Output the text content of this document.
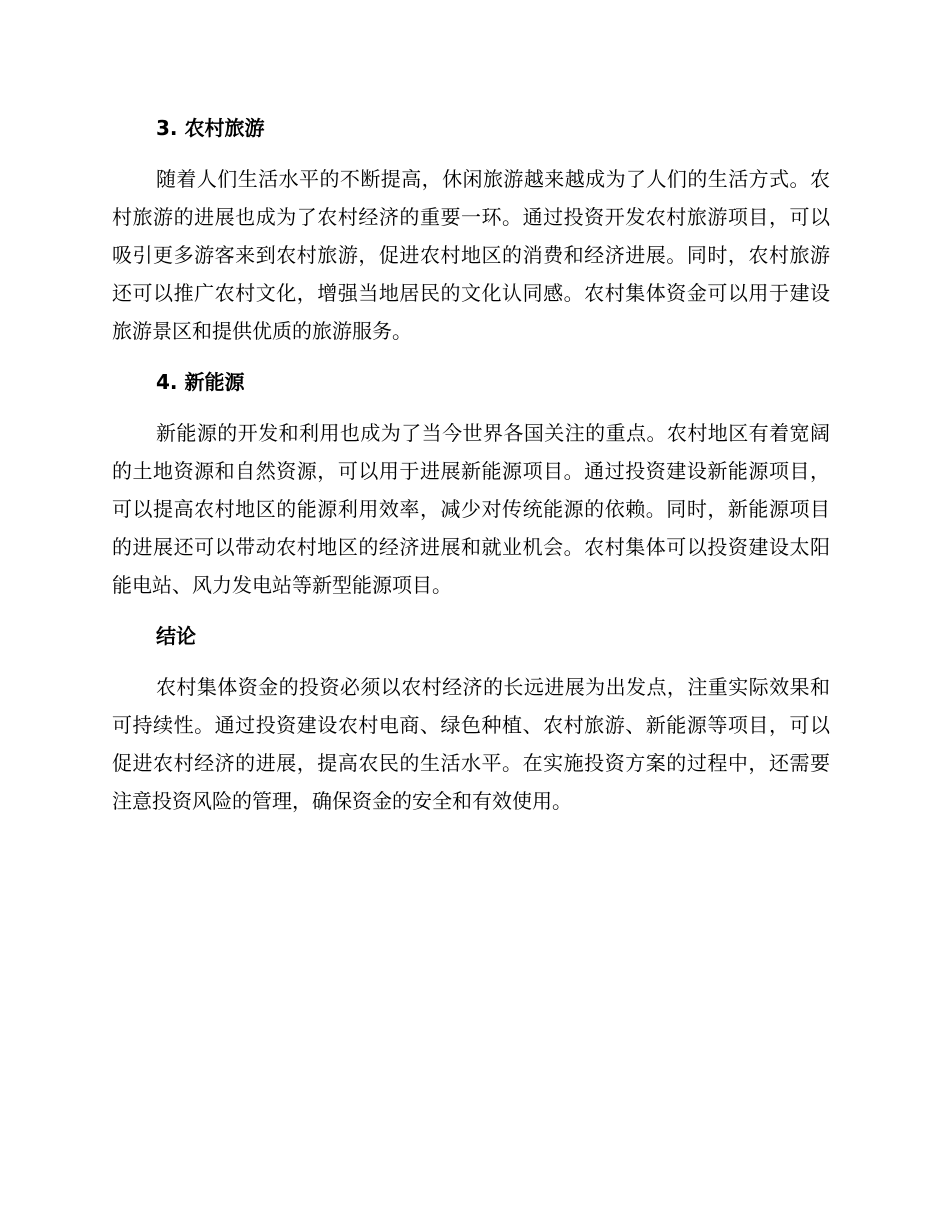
3. 农村旅游

随着人们生活水平的不断提高，休闲旅游越来越成为了人们的生活方式。农村旅游的进展也成为了农村经济的重要一环。通过投资开发农村旅游项目，可以吸引更多游客来到农村旅游，促进农村地区的消费和经济进展。同时，农村旅游还可以推广农村文化，增强当地居民的文化认同感。农村集体资金可以用于建设旅游景区和提供优质的旅游服务。

4. 新能源

新能源的开发和利用也成为了当今世界各国关注的重点。农村地区有着宽阔的土地资源和自然资源，可以用于进展新能源项目。通过投资建设新能源项目，可以提高农村地区的能源利用效率，减少对传统能源的依赖。同时，新能源项目的进展还可以带动农村地区的经济进展和就业机会。农村集体可以投资建设太阳能电站、风力发电站等新型能源项目。

结论

农村集体资金的投资必须以农村经济的长远进展为出发点，注重实际效果和可持续性。通过投资建设农村电商、绿色种植、农村旅游、新能源等项目，可以促进农村经济的进展，提高农民的生活水平。在实施投资方案的过程中，还需要注意投资风险的管理，确保资金的安全和有效使用。
